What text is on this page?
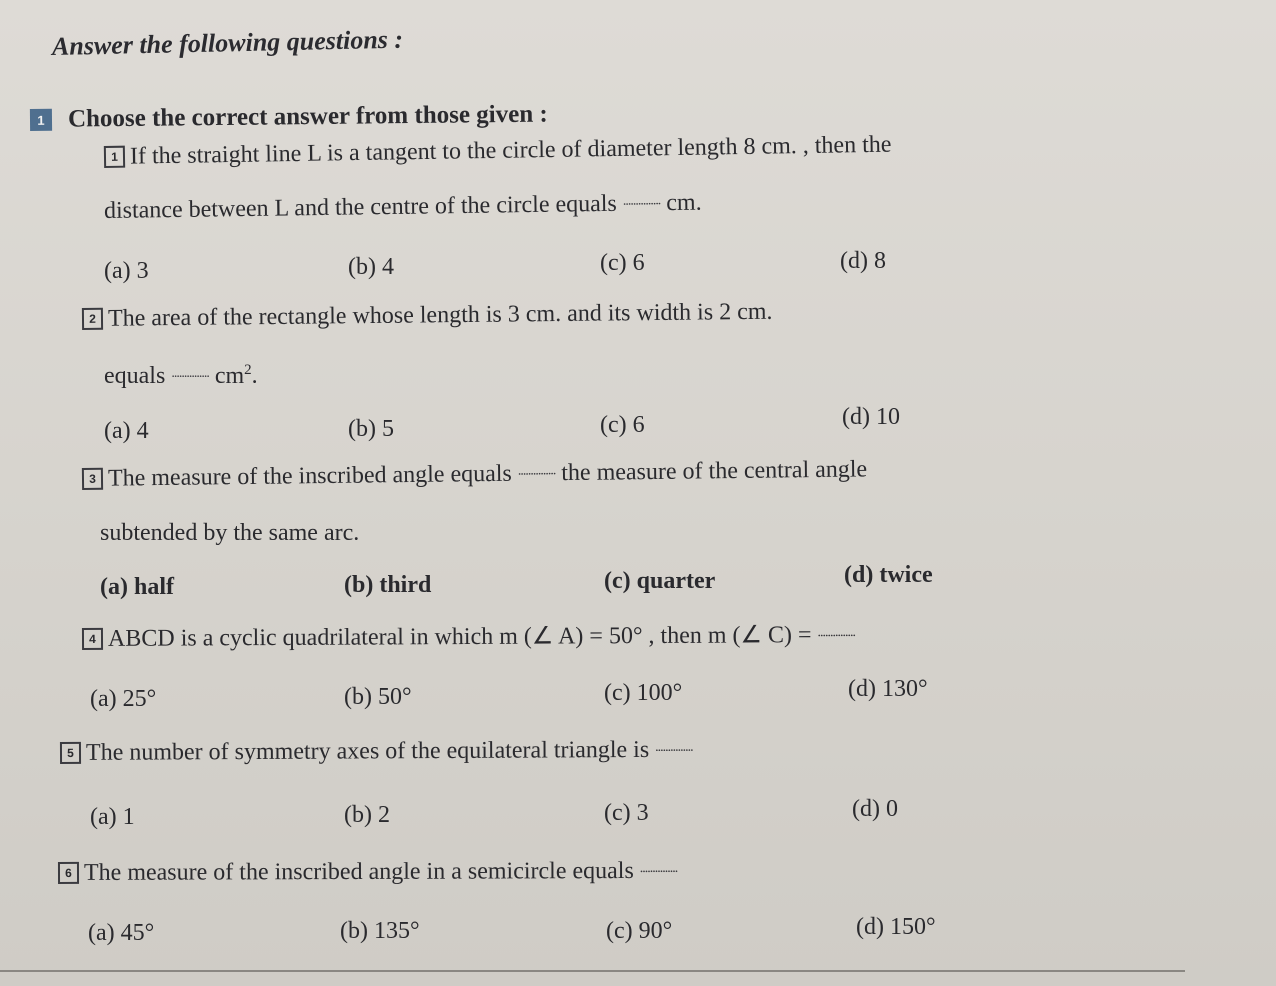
Answer the following questions :
1 Choose the correct answer from those given :
1 If the straight line L is a tangent to the circle of diameter length 8 cm. , then the
distance between L and the centre of the circle equals ............... cm.
(a) 3	(b) 4	(c) 6	(d) 8
2 The area of the rectangle whose length is 3 cm. and its width is 2 cm.
equals ............... $cm^2$.
(a) 4	(b) 5	(c) 6	(d) 10
3 The measure of the inscribed angle equals ............... the measure of the central angle
subtended by the same arc.
(a) half	(b) third	(c) quarter	(d) twice
4 ABCD is a cyclic quadrilateral in which m (∠ A) = 50° , then m (∠ C) = ...............
(a) 25°	(b) 50°	(c) 100°	(d) 130°
5 The number of symmetry axes of the equilateral triangle is ...............
(a) 1	(b) 2	(c) 3	(d) 0
6 The measure of the inscribed angle in a semicircle equals ...............
(a) 45°	(b) 135°	(c) 90°	(d) 150°
